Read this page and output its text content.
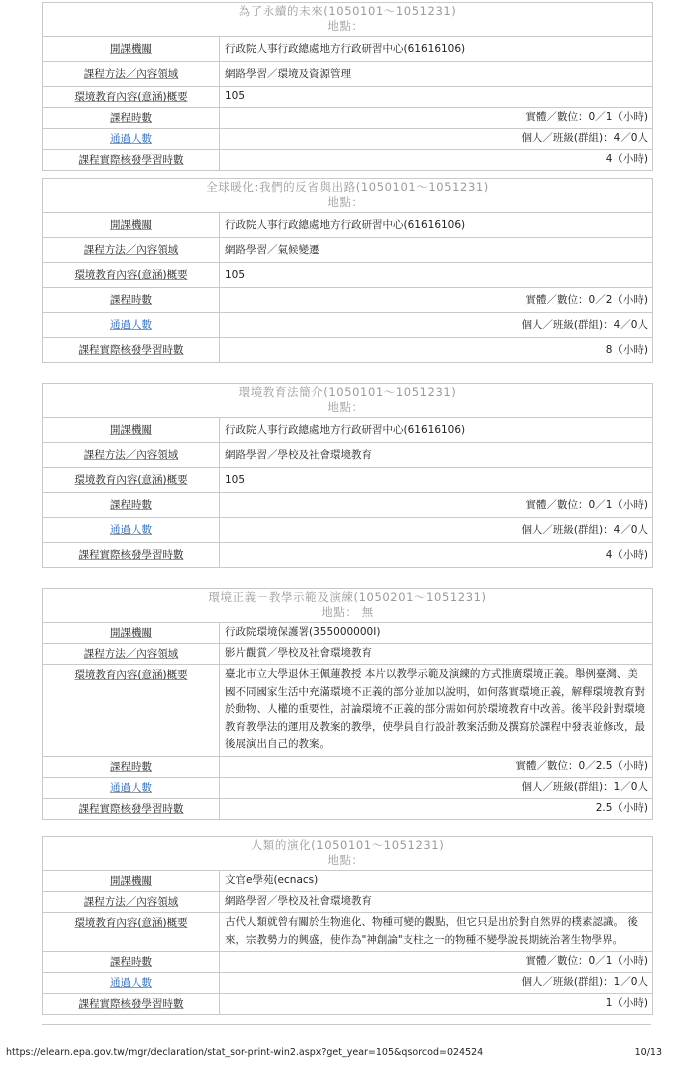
為了永續的未來(1050101～1051231)
地點：
開課機關	行政院人事行政總處地方行政研習中心(61616106)
課程方法／內容領域	網路學習／環境及資源管理
環境教育內容(意涵)概要	105
課程時數	實體／數位：0／1（小時)
通過人數	個人／班級(群組)：4／0人
課程實際核發學習時數	4（小時)
全球暖化:我們的反省與出路(1050101～1051231)
地點：
開課機關	行政院人事行政總處地方行政研習中心(61616106)
課程方法／內容領域	網路學習／氣候變遷
環境教育內容(意涵)概要	105
課程時數	實體／數位：0／2（小時)
通過人數	個人／班級(群組)：4／0人
課程實際核發學習時數	8（小時)
環境教育法簡介(1050101～1051231)
地點：
開課機關	行政院人事行政總處地方行政研習中心(61616106)
課程方法／內容領域	網路學習／學校及社會環境教育
環境教育內容(意涵)概要	105
課程時數	實體／數位：0／1（小時)
通過人數	個人／班級(群組)：4／0人
課程實際核發學習時數	4（小時)
環境正義－教學示範及演練(1050201～1051231)
地點： 無
開課機關	行政院環境保護署(355000000I)
課程方法／內容領域	影片觀賞／學校及社會環境教育
環境教育內容(意涵)概要	臺北市立大學退休王佩蓮教授 本片以教學示範及演練的方式推廣環境正義。舉例臺灣、美國不同國家生活中充滿環境不正義的部分並加以說明，如何落實環境正義，解釋環境教育對於動物、人權的重要性，討論環境不正義的部分需如何於環境教育中改善。後半段針對環境教育教學法的運用及教案的教學，使學員自行設計教案活動及撰寫於課程中發表並修改，最後展演出自己的教案。
課程時數	實體／數位：0／2.5（小時)
通過人數	個人／班級(群組)：1／0人
課程實際核發學習時數	2.5（小時)
人類的演化(1050101～1051231)
地點：
開課機關	文官e學苑(ecnacs)
課程方法／內容領域	網路學習／學校及社會環境教育
環境教育內容(意涵)概要	古代人類就曾有關於生物進化、物種可變的觀點，但它只是出於對自然界的樸素認識。 後來，宗教勢力的興盛，使作為"神創論"支柱之一的物種不變學說長期統治著生物學界。
課程時數	實體／數位：0／1（小時)
通過人數	個人／班級(群組)：1／0人
課程實際核發學習時數	1（小時)
https://elearn.epa.gov.tw/mgr/declaration/stat_sor-print-win2.aspx?get_year=105&qsorcod=024524	10/13
